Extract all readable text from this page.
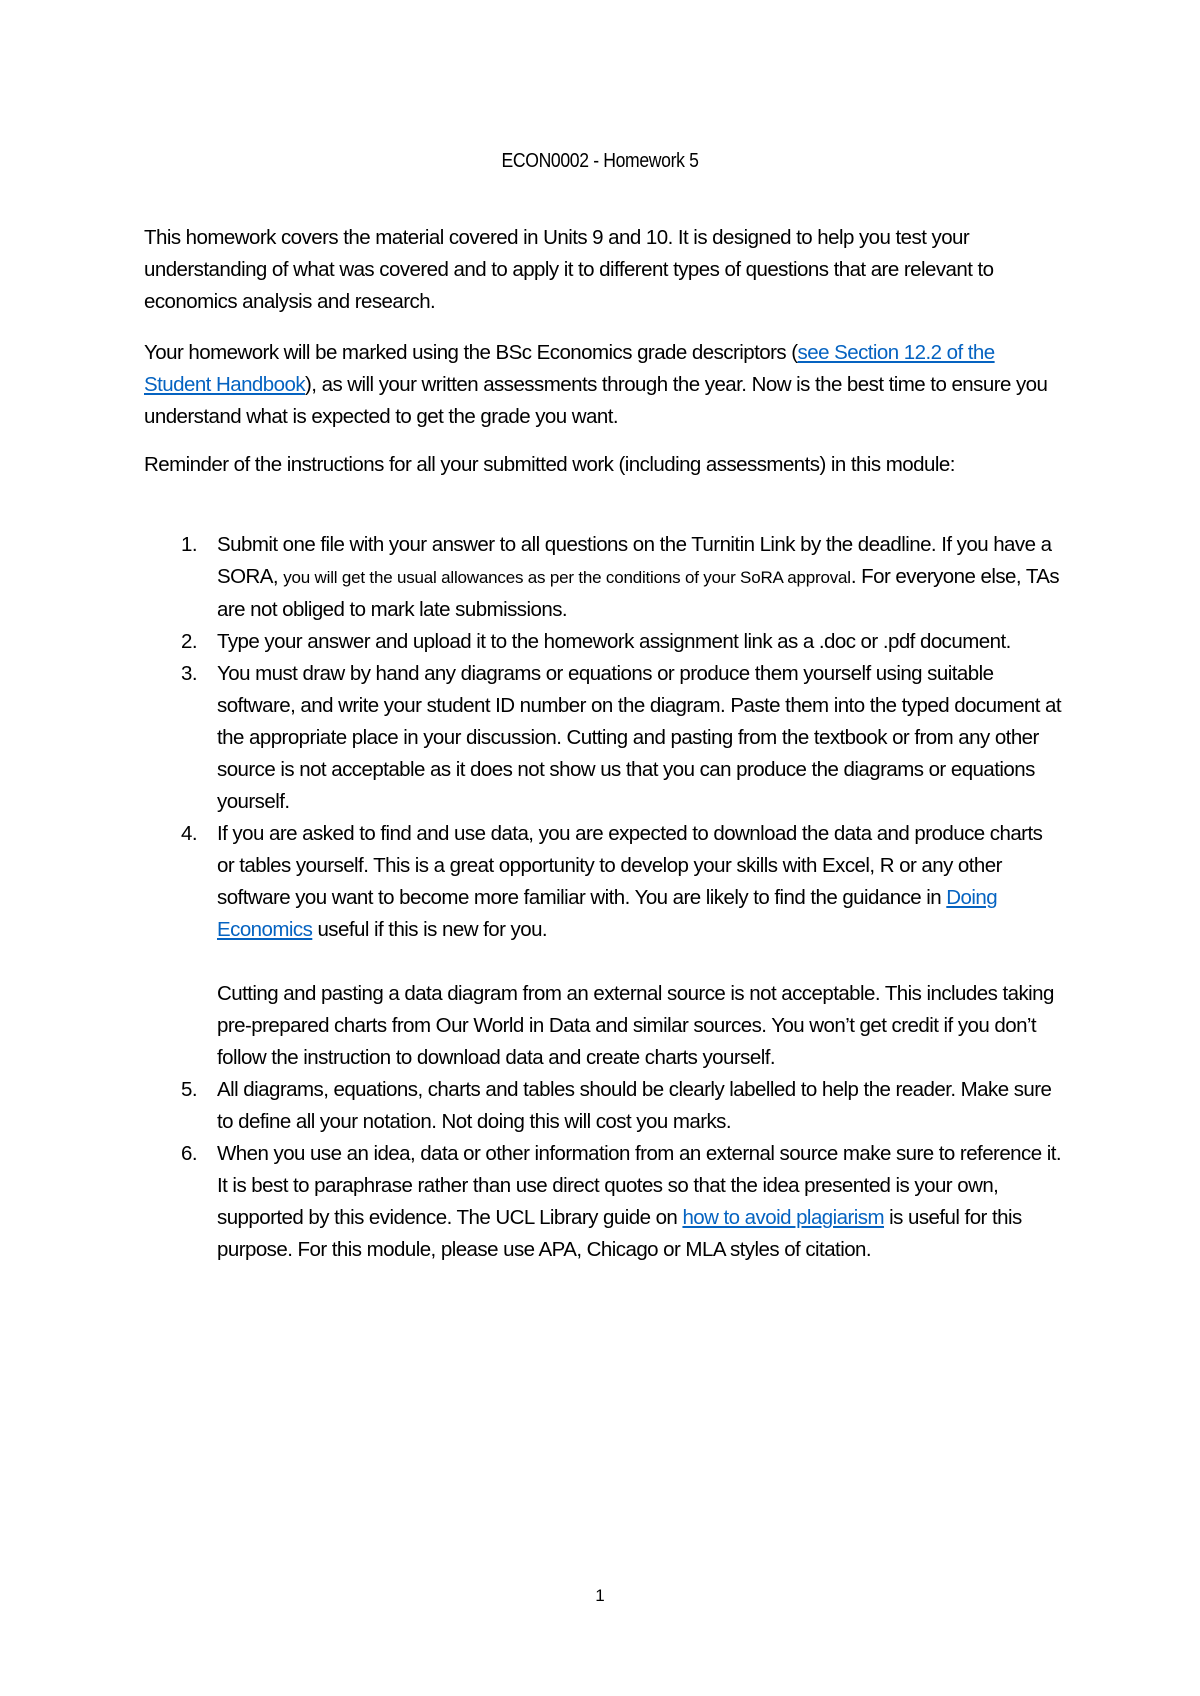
ECON0002 - Homework 5
This homework covers the material covered in Units 9 and 10. It is designed to help you test your understanding of what was covered and to apply it to different types of questions that are relevant to economics analysis and research.
Your homework will be marked using the BSc Economics grade descriptors (see Section 12.2 of the Student Handbook), as will your written assessments through the year. Now is the best time to ensure you understand what is expected to get the grade you want.
Reminder of the instructions for all your submitted work (including assessments) in this module:
1. Submit one file with your answer to all questions on the Turnitin Link by the deadline. If you have a SORA, you will get the usual allowances as per the conditions of your SoRA approval. For everyone else, TAs are not obliged to mark late submissions.
2. Type your answer and upload it to the homework assignment link as a .doc or .pdf document.
3. You must draw by hand any diagrams or equations or produce them yourself using suitable software, and write your student ID number on the diagram. Paste them into the typed document at the appropriate place in your discussion. Cutting and pasting from the textbook or from any other source is not acceptable as it does not show us that you can produce the diagrams or equations yourself.
4. If you are asked to find and use data, you are expected to download the data and produce charts or tables yourself. This is a great opportunity to develop your skills with Excel, R or any other software you want to become more familiar with. You are likely to find the guidance in Doing Economics useful if this is new for you.
Cutting and pasting a data diagram from an external source is not acceptable. This includes taking pre-prepared charts from Our World in Data and similar sources. You won’t get credit if you don’t follow the instruction to download data and create charts yourself.
5. All diagrams, equations, charts and tables should be clearly labelled to help the reader. Make sure to define all your notation. Not doing this will cost you marks.
6. When you use an idea, data or other information from an external source make sure to reference it. It is best to paraphrase rather than use direct quotes so that the idea presented is your own, supported by this evidence. The UCL Library guide on how to avoid plagiarism is useful for this purpose. For this module, please use APA, Chicago or MLA styles of citation.
1
